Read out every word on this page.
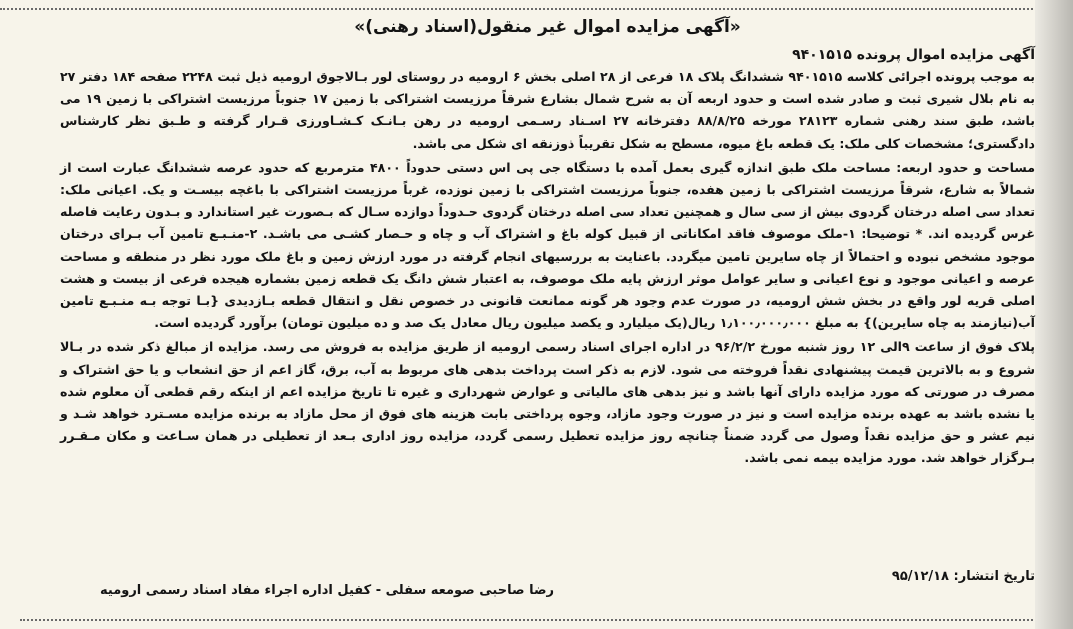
«آگهی مزایده اموال غیر منقول(اسناد رهنی)»
آگهی مزایده اموال پرونده ۹۴۰۱۵۱۵

به موجب پرونده اجرائی کلاسه ۹۴۰۱۵۱۵ ششدانگ پلاک ۱۸ فرعی از ۲۸ اصلی بخش ۶ ارومیه در روستای لور بـالاجوق ارومیه ذیل ثبت ۲۲۴۸ صفحه ۱۸۴ دفتر ۲۷ به نام بلال شیری ثبت و صادر شده است و حدود اربعه آن به شرح شمال بشارع شرقاً مرزیست اشتراکی با زمین ۱۷ جنوباً مرزیست اشتراکی با زمین ۱۹ می باشد، طبق سند رهنی شماره ۲۸۱۲۳ مورخه ۸۸/۸/۲۵ دفترخانه ۲۷ اسـناد رسـمی ارومیه در رهن بـانـک کـشـاورزی قـرار گرفته و طـبق نظر کارشناس دادگستری؛ مشخصات کلی ملک: یک قطعه باغ میوه، مسطح به شکل تقریباً ذوزنقه ای شکل می باشد.

مساحت و حدود اربعه: مساحت ملک طبق اندازه گیری بعمل آمده با دستگاه جی پی اس دستی حدوداً ۴۸۰۰ مترمربع که حدود عرصه ششدانگ عبارت است از شمالاً به شارع، شرقاً مرزیست اشتراکی با زمین هفده، جنوباً مرزیست اشتراکی با زمین نوزده، غرباً مرزیست اشتراکی با باغچه بیسـت و یک. اعیانی ملک: تعداد سی اصله درختان گردوی بیش از سی سال و همچنین تعداد سی اصله درختان گردوی حـدوداً دوازده سـال که بـصورت غیر استاندارد و بـدون رعایت فاصله غرس گردیده اند. * توضیحا: ۱-ملک موصوف فاقد امکاناتی از قبیل کوله باغ و اشتراک آب و چاه و حـصار کشـی می باشـد. ۲-منـبـع تامین آب بـرای درختان موجود مشخص نبوده و احتمالاً از چاه سایرین تامین میگردد. باعنایت به بررسیهای انجام گرفته در مورد ارزش زمین و باغ ملک مورد نظر در منطقه و مساحت عرصه و اعیانی موجود و نوع اعیانی و سایر عوامل موثر ارزش پایه ملک موصوف، به اعتبار شش دانگ یک قطعه زمین بشماره هیجده فرعی از بیست و هشت اصلی قریه لور واقع در بخش شش ارومیه، در صورت عدم وجود هر گونه ممانعت قانونی در خصوص نقل و انتقال قطعه بـازدیدی {بـا توجه بـه منـبـع تامین آب(نیازمند به چاه سایرین)} به مبلغ ۱٫۱۰۰٫۰۰۰٫۰۰۰ ریال(یک میلیارد و یکصد میلیون ریال معادل یک صد و ده میلیون تومان) برآورد گردیده است.

پلاک فوق از ساعت ۹الی ۱۲ روز شنبه مورخ ۹۶/۲/۲ در اداره اجرای اسناد رسمی ارومیه از طریق مزایده به فروش می رسد. مزایده از مبالغ ذکر شده در بـالا شروع و به بالاترین قیمت پیشنهادی نقداً فروخته می شود. لازم به ذکر است پرداخت بدهی های مربوط به آب، برق، گاز اعم از حق انشعاب و یا حق اشتراک و مصرف در صورتی که مورد مزایده دارای آنها باشد و نیز بدهی های مالیاتی و عوارض شهرداری و غیره تا تاریخ مزایده اعم از اینکه رقم قطعی آن معلوم شده یا نشده باشد به عهده برنده مزایده است و نیز در صورت وجود مازاد، وجوه پرداختی بابت هزینه های فوق از محل مازاد به برنده مزایده مسـترد خواهد شـد و نیم عشر و حق مزایده نقداً وصول می گردد ضمناً چنانچه روز مزایده تعطیل رسمی گردد، مزایده روز اداری بـعد از تعطیلی در همان سـاعت و مکان مـقـرر بـرگزار خواهد شد. مورد مزایده بیمه نمی باشد.

تاریخ انتشار: ۹۵/۱۲/۱۸
رضا صاحبی صومعه سفلی - کفیل اداره اجراء مفاد اسناد رسمی ارومیه
